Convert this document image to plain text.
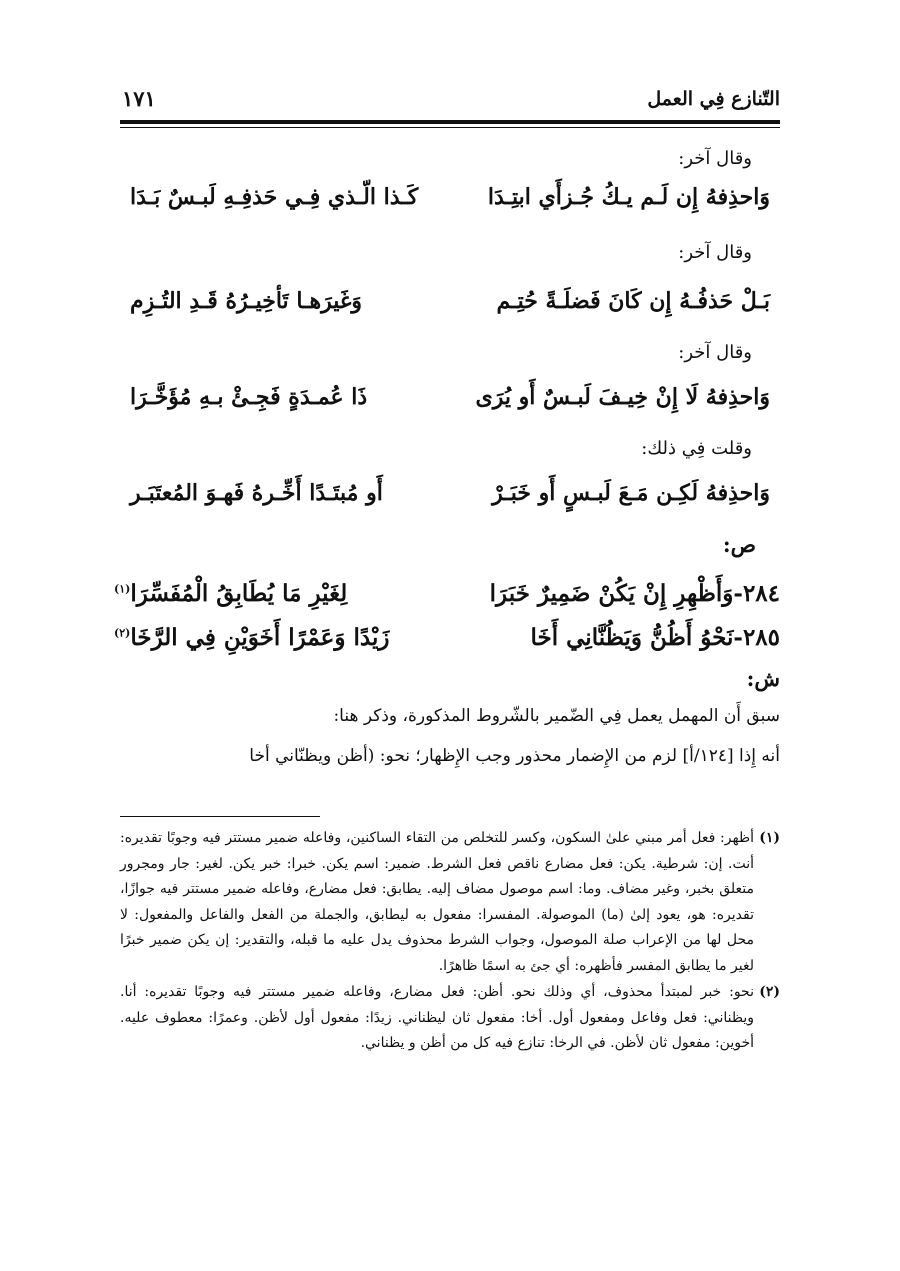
التّنازع فِي العمل
١٧١
وقال آخر:
وَاحذِفهُ إِن لَـم يـكُ جُـزأَي ابتِـدَا
كَـذا الّـذي فِـي حَذفِـهِ لَبـسٌ بَـدَا
وقال آخر:
بَـلْ حَذفُـهُ إِن كَانَ فَضلَـةً حُتِـم
وَغَيرَهـا تَأخِيـرُهُ قَـدِ التُـزِم
وقال آخر:
وَاحذِفهُ لَا إِنْ خِيـفَ لَبـسٌ أَو يُرَى
ذَا عُمـدَةٍ فَجِـئْ بـهِ مُؤَخَّـرَا
وقلت فِي ذلك:
وَاحذِفهُ لَكِـن مَـعَ لَبـسٍ أَو خَبَـرْ
أَو مُبتَـدًا أَخِّـرهُ فَهـوَ المُعتَبَـر
ص:
٢٨٤-وَأَظْهِرِ إِنْ يَكُنْ ضَمِيرٌ خَبَرَا
لِغَيْرِ مَا يُطَابِقُ الْمُفَسِّرَا$^{(١)}$
٢٨٥-نَحْوُ أَظُنُّ وَيَظُنَّانِي أَخَا
زَيْدًا وَعَمْرًا أَخَوَيْنِ فِي الرَّخَا$^{(٢)}$
ش:
سبق أَن المهمل يعمل فِي الضّمير بالشّروط المذكورة، وذكر هنا:
أنه إِذا [١٢٤/أ] لزم من الإِضمار محذور وجب الإِظهار؛ نحو: (أظن ويظنّاني أخا
(١)
أظهر: فعل أمر مبني علىٰ السكون، وكسر للتخلص من التقاء الساكنين، وفاعله ضمير مستتر فيه وجوبًا تقديره: أنت. إن: شرطية. يكن: فعل مضارع ناقص فعل الشرط. ضمير: اسم يكن. خبرا: خبر يكن. لغير: جار ومجرور متعلق بخبر، وغير مضاف. وما: اسم موصول مضاف إليه. يطابق: فعل مضارع، وفاعله ضمير مستتر فيه جوازًا، تقديره: هو، يعود إلىٰ (ما) الموصولة. المفسرا: مفعول به ليطابق، والجملة من الفعل والفاعل والمفعول: لا محل لها من الإعراب صلة الموصول، وجواب الشرط محذوف يدل عليه ما قبله، والتقدير: إن يكن ضمير خبرًا لغير ما يطابق المفسر فأظهره: أي جئ به اسمًا ظاهرًا.
(٢)
نحو: خبر لمبتدأ محذوف، أي وذلك نحو. أظن: فعل مضارع، وفاعله ضمير مستتر فيه وجوبًا تقديره: أنا. ويظناني: فعل وفاعل ومفعول أول. أخا: مفعول ثان ليظناني. زيدًا: مفعول أول لأظن. وعمرًا: معطوف عليه. أخوين: مفعول ثان لأظن. في الرخا: تنازع فيه كل من أظن و يظناني.
